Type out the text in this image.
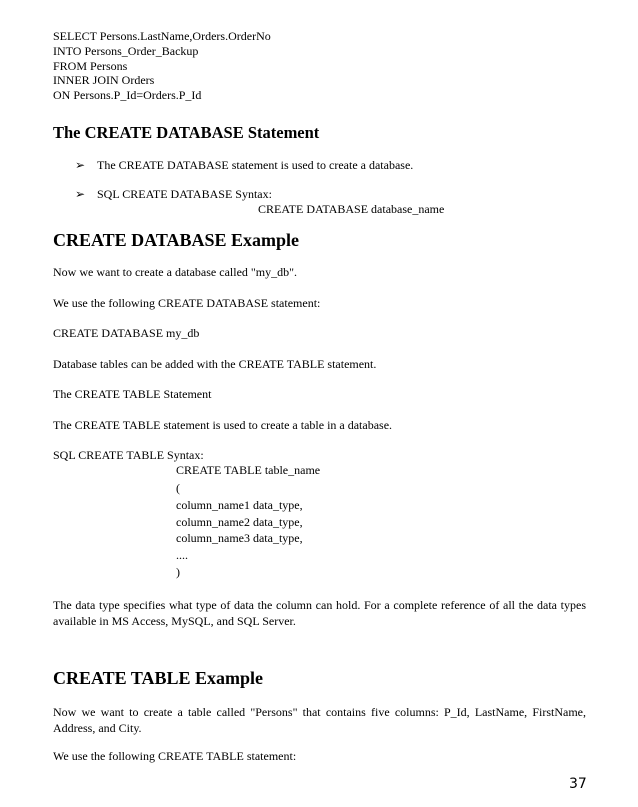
SELECT Persons.LastName,Orders.OrderNo
INTO Persons_Order_Backup
FROM Persons
INNER JOIN Orders
ON Persons.P_Id=Orders.P_Id
The CREATE DATABASE Statement
➢ The CREATE DATABASE statement is used to create a database.
➢ SQL CREATE DATABASE Syntax:
CREATE DATABASE database_name
CREATE DATABASE Example
Now we want to create a database called "my_db".
We use the following CREATE DATABASE statement:
CREATE DATABASE my_db
Database tables can be added with the CREATE TABLE statement.
The CREATE TABLE Statement
The CREATE TABLE statement is used to create a table in a database.
SQL CREATE TABLE Syntax:
CREATE TABLE table_name
(
column_name1 data_type,
column_name2 data_type,
column_name3 data_type,
....
)
The data type specifies what type of data the column can hold. For a complete reference of all the data types available in MS Access, MySQL, and SQL Server.
CREATE TABLE Example
Now we want to create a table called "Persons" that contains five columns: P_Id, LastName, FirstName, Address, and City.
We use the following CREATE TABLE statement:
37
